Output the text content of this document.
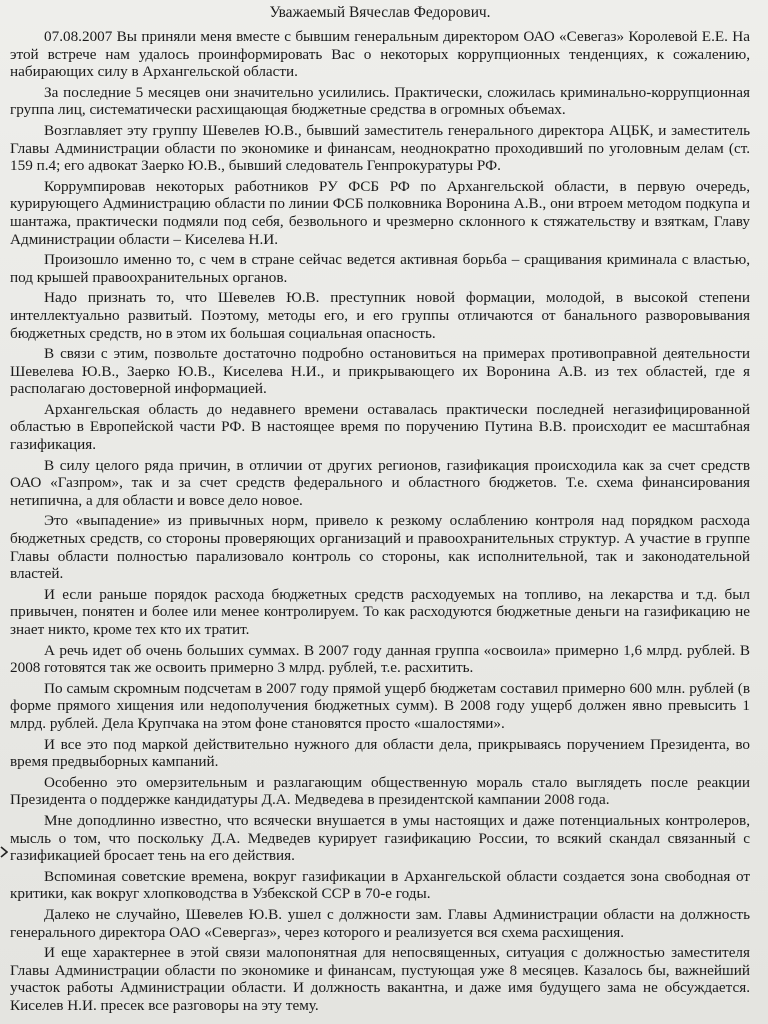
Уважаемый Вячеслав Федорович.

07.08.2007 Вы приняли меня вместе с бывшим генеральным директором ОАО «Севегаз» Королевой Е.Е. На этой встрече нам удалось проинформировать Вас о некоторых коррупционных тенденциях, к сожалению, набирающих силу в Архангельской области.

За последние 5 месяцев они значительно усилились. Практически, сложилась криминально-коррупционная группа лиц, систематически расхищающая бюджетные средства в огромных объемах.

Возглавляет эту группу Шевелев Ю.В., бывший заместитель генерального директора АЦБК, и заместитель Главы Администрации области по экономике и финансам, неоднократно проходивший по уголовным делам (ст. 159 п.4; его адвокат Заерко Ю.В., бывший следователь Генпрокуратуры РФ.

Коррумпировав некоторых работников РУ ФСБ РФ по Архангельской области, в первую очередь, курирующего Администрацию области по линии ФСБ полковника Воронина А.В., они втроем методом подкупа и шантажа, практически подмяли под себя, безвольного и чрезмерно склонного к стяжательству и взяткам, Главу Администрации области – Киселева Н.И.

Произошло именно то, с чем в стране сейчас ведется активная борьба – сращивания криминала с властью, под крышей правоохранительных органов.

Надо признать то, что Шевелев Ю.В. преступник новой формации, молодой, в высокой степени интеллектуально развитый. Поэтому, методы его, и его группы отличаются от банального разворовывания бюджетных средств, но в этом их большая социальная опасность.

В связи с этим, позвольте достаточно подробно остановиться на примерах противоправной деятельности Шевелева Ю.В., Заерко Ю.В., Киселева Н.И., и прикрывающего их Воронина А.В. из тех областей, где я располагаю достоверной информацией.

Архангельская область до недавнего времени оставалась практически последней негазифицированной областью в Европейской части РФ. В настоящее время по поручению Путина В.В. происходит ее масштабная газификация.

В силу целого ряда причин, в отличии от других регионов, газификация происходила как за счет средств ОАО «Газпром», так и за счет средств федерального и областного бюджетов. Т.е. схема финансирования нетипична, а для области и вовсе дело новое.

Это «выпадение» из привычных норм, привело к резкому ослаблению контроля над порядком расхода бюджетных средств, со стороны проверяющих организаций и правоохранительных структур. А участие в группе Главы области полностью парализовало контроль со стороны, как исполнительной, так и законодательной властей.

И если раньше порядок расхода бюджетных средств расходуемых на топливо, на лекарства и т.д. был привычен, понятен и более или менее контролируем. То как расходуются бюджетные деньги на газификацию не знает никто, кроме тех кто их тратит.

А речь идет об очень больших суммах. В 2007 году данная группа «освоила» примерно 1,6 млрд. рублей. В 2008 готовятся так же освоить примерно 3 млрд. рублей, т.е. расхитить.

По самым скромным подсчетам в 2007 году прямой ущерб бюджетам составил примерно 600 млн. рублей (в форме прямого хищения или недополучения бюджетных сумм). В 2008 году ущерб должен явно превысить 1 млрд. рублей. Дела Крупчака на этом фоне становятся просто «шалостями».

И все это под маркой действительно нужного для области дела, прикрываясь поручением Президента, во время предвыборных кампаний.

Особенно это омерзительным и разлагающим общественную мораль стало выглядеть после реакции Президента о поддержке кандидатуры Д.А. Медведева в президентской кампании 2008 года.

Мне доподлинно известно, что всячески внушается в умы настоящих и даже потенциальных контролеров, мысль о том, что поскольку Д.А. Медведев курирует газификацию России, то всякий скандал связанный с газификацией бросает тень на его действия.

Вспоминая советские времена, вокруг газификации в Архангельской области создается зона свободная от критики, как вокруг хлопководства в Узбекской ССР в 70-е годы.

Далеко не случайно, Шевелев Ю.В. ушел с должности зам. Главы Администрации области на должность генерального директора ОАО «Севергаз», через которого и реализуется вся схема расхищения.

И еще характернее в этой связи малопонятная для непосвященных, ситуация с должностью заместителя Главы Администрации области по экономике и финансам, пустующая уже 8 месяцев. Казалось бы, важнейший участок работы Администрации области. И должность вакантна, и даже имя будущего зама не обсуждается. Киселев Н.И. пресек все разговоры на эту тему.
